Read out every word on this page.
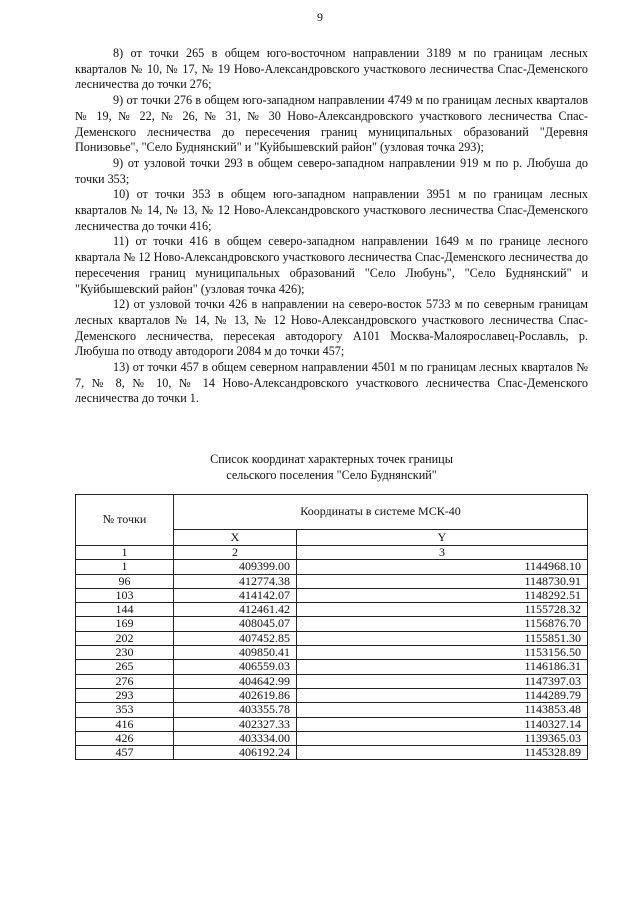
9

8) от точки 265 в общем юго-восточном направлении 3189 м по границам лесных кварталов № 10, № 17, № 19 Ново-Александровского участкового лесничества Спас-Деменского лесничества до точки 276;

9) от точки 276 в общем юго-западном направлении 4749 м по границам лесных кварталов № 19, № 22, № 26, № 31, № 30 Ново-Александровского участкового лесничества Спас-Деменского лесничества до пересечения границ муниципальных образований "Деревня Понизовье", "Село Буднянский" и "Куйбышевский район" (узловая точка 293);

9) от узловой точки 293 в общем северо-западном направлении 919 м по р. Любуша до точки 353;

10) от точки 353 в общем юго-западном направлении 3951 м по границам лесных кварталов № 14, № 13, № 12 Ново-Александровского участкового лесничества Спас-Деменского лесничества до точки 416;

11) от точки 416 в общем северо-западном направлении 1649 м по границе лесного квартала № 12 Ново-Александровского участкового лесничества Спас-Деменского лесничества до пересечения границ муниципальных образований "Село Любунь", "Село Буднянский" и "Куйбышевский район" (узловая точка 426);

12) от узловой точки 426 в направлении на северо-восток 5733 м по северным границам лесных кварталов № 14, № 13, № 12 Ново-Александровского участкового лесничества Спас-Деменского лесничества, пересекая автодорогу А101 Москва-Малоярославец-Рославль, р. Любуша по отводу автодороги 2084 м до точки 457;

13) от точки 457 в общем северном направлении 4501 м по границам лесных кварталов № 7, № 8, № 10, № 14 Ново-Александровского участкового лесничества Спас-Деменского лесничества до точки 1.

Список координат характерных точек границы
сельского поселения "Село Буднянский"
№ точки	Координаты в системе МСК-40	
	X	Y
1	2	3
1	409399.00	1144968.10
96	412774.38	1148730.91
103	414142.07	1148292.51
144	412461.42	1155728.32
169	408045.07	1156876.70
202	407452.85	1155851.30
230	409850.41	1153156.50
265	406559.03	1146186.31
276	404642.99	1147397.03
293	402619.86	1144289.79
353	403355.78	1143853.48
416	402327.33	1140327.14
426	403334.00	1139365.03
457	406192.24	1145328.89
